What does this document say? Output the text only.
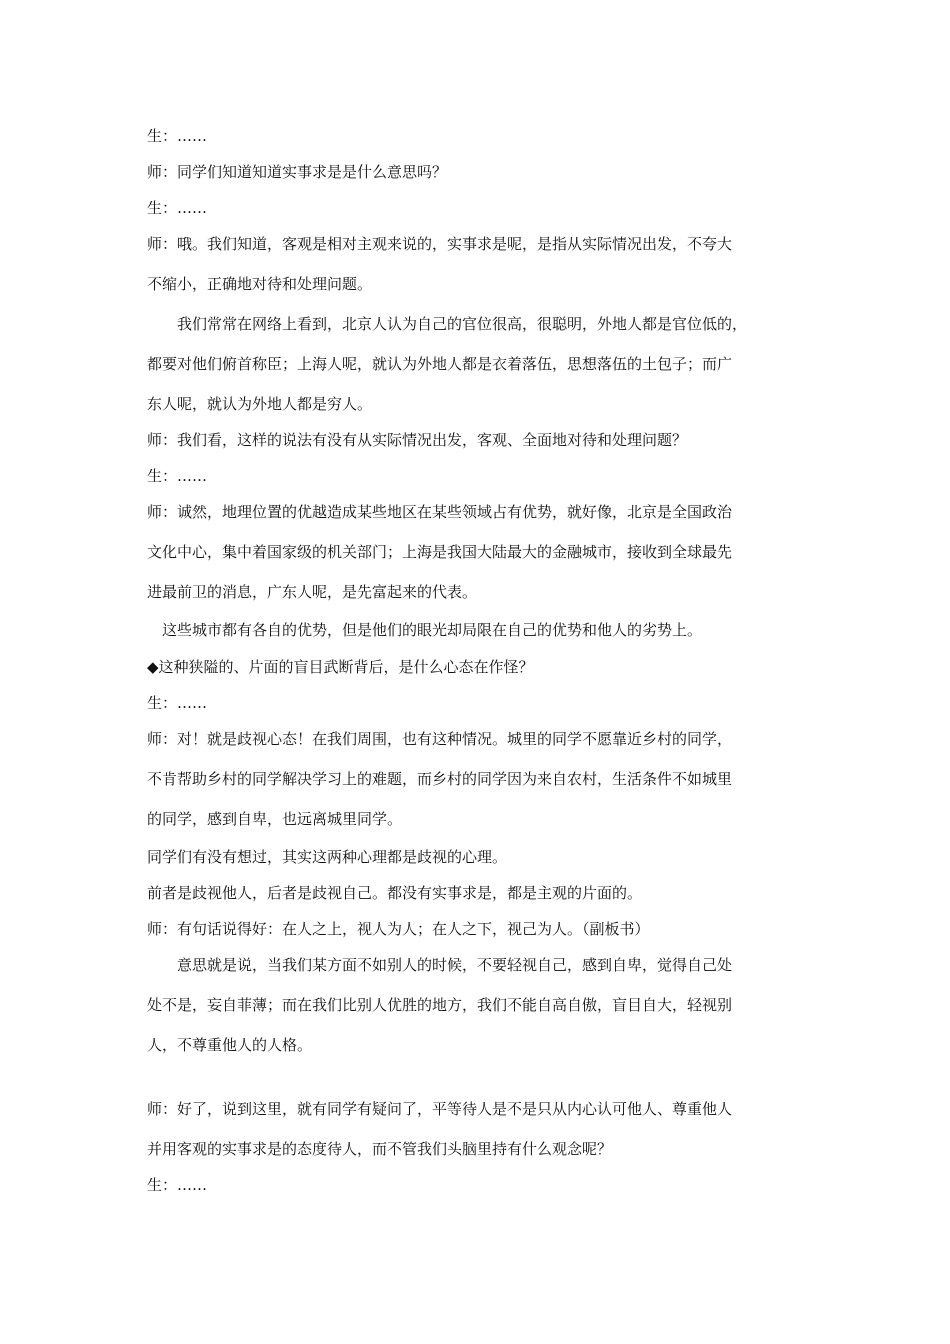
生：……
师：同学们知道知道实事求是是什么意思吗？
生：……
师：哦。我们知道，客观是相对主观来说的，实事求是呢，是指从实际情况出发，不夸大
不缩小，正确地对待和处理问题。
我们常常在网络上看到，北京人认为自己的官位很高，很聪明，外地人都是官位低的，
都要对他们俯首称臣；上海人呢，就认为外地人都是衣着落伍，思想落伍的土包子；而广
东人呢，就认为外地人都是穷人。
师：我们看，这样的说法有没有从实际情况出发，客观、全面地对待和处理问题？
生：……
师：诚然，地理位置的优越造成某些地区在某些领域占有优势，就好像，北京是全国政治
文化中心，集中着国家级的机关部门；上海是我国大陆最大的金融城市，接收到全球最先
进最前卫的消息，广东人呢，是先富起来的代表。
这些城市都有各自的优势，但是他们的眼光却局限在自己的优势和他人的劣势上。
◆这种狭隘的、片面的盲目武断背后，是什么心态在作怪？
生：……
师：对！就是歧视心态！在我们周围，也有这种情况。城里的同学不愿靠近乡村的同学，
不肯帮助乡村的同学解决学习上的难题，而乡村的同学因为来自农村，生活条件不如城里
的同学，感到自卑，也远离城里同学。
同学们有没有想过，其实这两种心理都是歧视的心理。
前者是歧视他人，后者是歧视自己。都没有实事求是，都是主观的片面的。
师：有句话说得好：在人之上，视人为人；在人之下，视己为人。（副板书）
意思就是说，当我们某方面不如别人的时候，不要轻视自己，感到自卑，觉得自己处
处不是，妄自菲薄；而在我们比别人优胜的地方，我们不能自高自傲，盲目自大，轻视别
人，不尊重他人的人格。
师：好了，说到这里，就有同学有疑问了，平等待人是不是只从内心认可他人、尊重他人
并用客观的实事求是的态度待人，而不管我们头脑里持有什么观念呢？
生：……
